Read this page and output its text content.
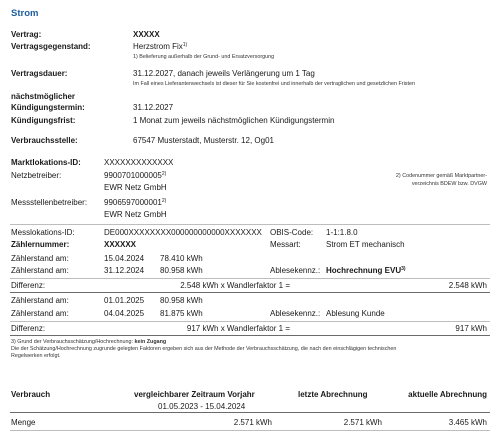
Strom
Vertrag:	XXXXX
Vertragsgegenstand:	Herzstrom Fix$^{1)}$
1) Belieferung außerhalb der Grund- und Ersatzversorgung
Vertragsdauer:	31.12.2027, danach jeweils Verlängerung um 1 Tag
Im Fall eines Lieferantenwechsels ist dieser für Sie kostenfrei und innerhalb der vertraglichen und gesetzlichen Fristen
nächstmöglicher
Kündigungstermin:	31.12.2027
Kündigungsfrist:	1 Monat zum jeweils nächstmöglichen Kündigungstermin
Verbrauchsstelle:	67547 Musterstadt, Musterstr. 12, Og01
Marktlokations-ID:	XXXXXXXXXXXXX
Netzbetreiber:	9900701000005$^{2)}$
EWR Netz GmbH
2) Codenummer gemäß Marktpartner-
verzeichnis BDEW bzw. DVGW
Messstellenbetreiber: 9906597000001$^{2)}$
EWR Netz GmbH
Messlokations-ID:	DE000XXXXXXXX000000000000XXXXXXX OBIS-Code: 1-1:1.8.0
Zählernummer:	XXXXXX	Messart:	Strom ET mechanisch
Zählerstand am:	15.04.2024 78.410 kWh
Zählerstand am:	31.12.2024 80.958 kWh	Ablesekennz.: Hochrechnung EVU$^{3)}$
Differenz:	2.548 kWh x Wandlerfaktor 1 =	2.548 kWh
Zählerstand am:	01.01.2025 80.958 kWh
Zählerstand am:	04.04.2025 81.875 kWh	Ablesekennz.: Ablesung Kunde
Differenz:	917 kWh x Wandlerfaktor 1 =	917 kWh
3) Grund der Verbrauchsschätzung/Hochrechnung: kein Zugang
Die der Schätzung/Hochrechnung zugrunde gelegten Faktoren ergeben sich aus der Methode der Verbrauchsschätzung, die nach den einschlägigen technischen
Regelwerken erfolgt.
Verbrauch	vergleichbarer Zeitraum Vorjahr	letzte Abrechnung	aktuelle Abrechnung
01.05.2023 - 15.04.2024
Menge	2.571 kWh	2.571 kWh	3.465 kWh
